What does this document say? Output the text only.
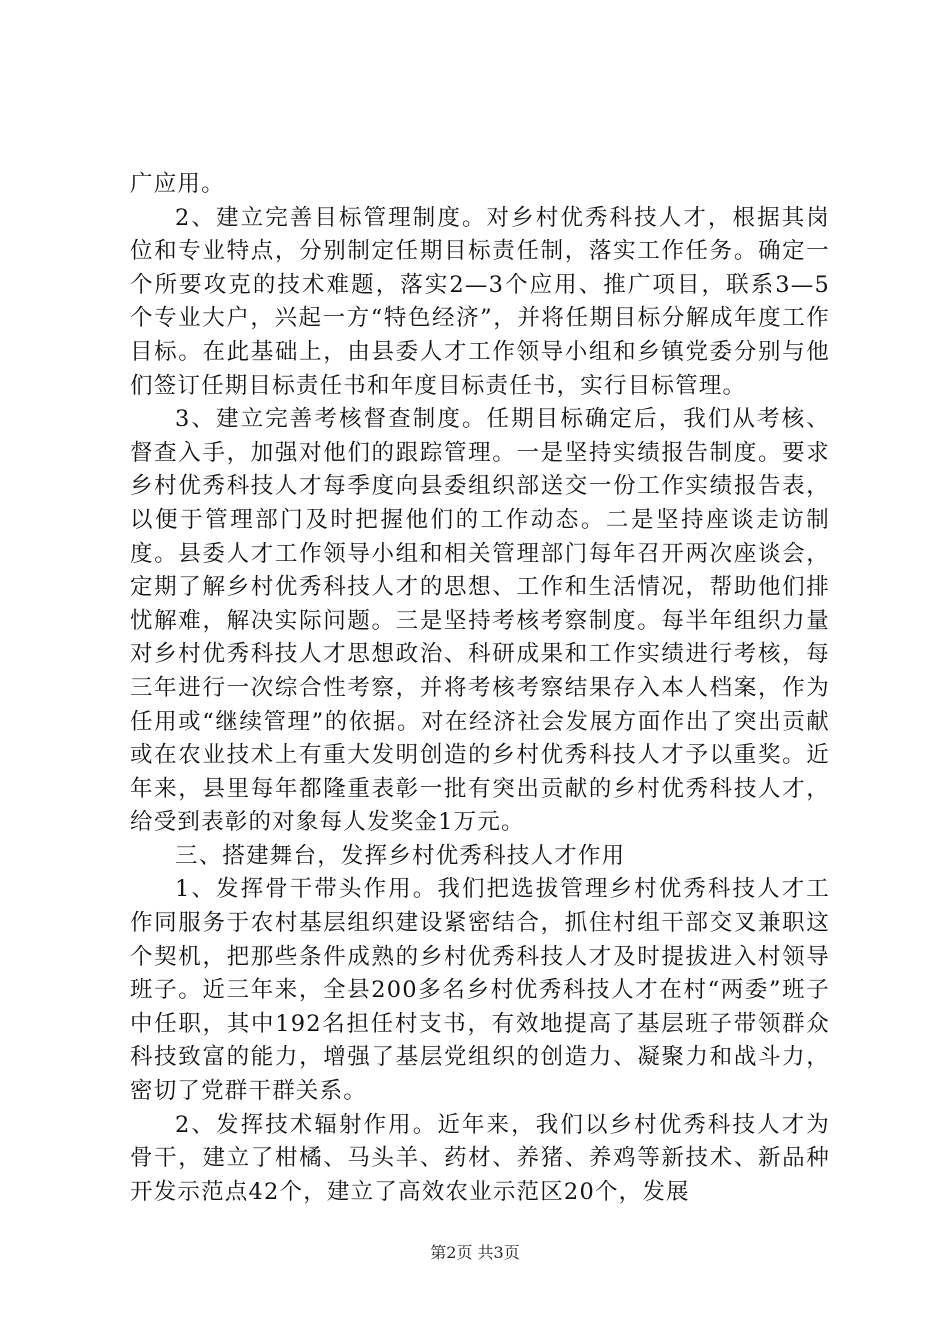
广应用。

2、建立完善目标管理制度。对乡村优秀科技人才，根据其岗位和专业特点，分别制定任期目标责任制，落实工作任务。确定一个所要攻克的技术难题，落实2—3个应用、推广项目，联系3—5个专业大户，兴起一方“特色经济”，并将任期目标分解成年度工作目标。在此基础上，由县委人才工作领导小组和乡镇党委分别与他们签订任期目标责任书和年度目标责任书，实行目标管理。

3、建立完善考核督查制度。任期目标确定后，我们从考核、督查入手，加强对他们的跟踪管理。一是坚持实绩报告制度。要求乡村优秀科技人才每季度向县委组织部送交一份工作实绩报告表，以便于管理部门及时把握他们的工作动态。二是坚持座谈走访制度。县委人才工作领导小组和相关管理部门每年召开两次座谈会，定期了解乡村优秀科技人才的思想、工作和生活情况，帮助他们排忧解难，解决实际问题。三是坚持考核考察制度。每半年组织力量对乡村优秀科技人才思想政治、科研成果和工作实绩进行考核，每三年进行一次综合性考察，并将考核考察结果存入本人档案，作为任用或“继续管理”的依据。对在经济社会发展方面作出了突出贡献或在农业技术上有重大发明创造的乡村优秀科技人才予以重奖。近年来，县里每年都隆重表彰一批有突出贡献的乡村优秀科技人才，给受到表彰的对象每人发奖金1万元。

三、搭建舞台，发挥乡村优秀科技人才作用

1、发挥骨干带头作用。我们把选拔管理乡村优秀科技人才工作同服务于农村基层组织建设紧密结合，抓住村组干部交叉兼职这个契机，把那些条件成熟的乡村优秀科技人才及时提拔进入村领导班子。近三年来，全县200多名乡村优秀科技人才在村“两委”班子中任职，其中192名担任村支书，有效地提高了基层班子带领群众科技致富的能力，增强了基层党组织的创造力、凝聚力和战斗力，密切了党群干群关系。

2、发挥技术辐射作用。近年来，我们以乡村优秀科技人才为骨干，建立了柑橘、马头羊、药材、养猪、养鸡等新技术、新品种开发示范点42个，建立了高效农业示范区20个，发展

第2页 共3页
